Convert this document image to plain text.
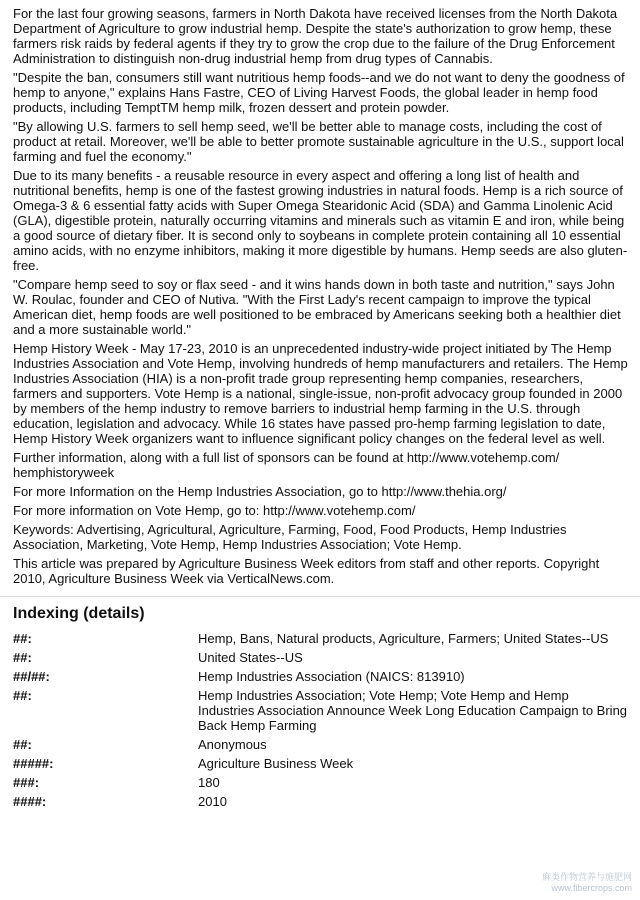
For the last four growing seasons, farmers in North Dakota have received licenses from the North Dakota Department of Agriculture to grow industrial hemp. Despite the state's authorization to grow hemp, these farmers risk raids by federal agents if they try to grow the crop due to the failure of the Drug Enforcement Administration to distinguish non-drug industrial hemp from drug types of Cannabis.

"Despite the ban, consumers still want nutritious hemp foods--and we do not want to deny the goodness of hemp to anyone," explains Hans Fastre, CEO of Living Harvest Foods, the global leader in hemp food products, including TemptTM hemp milk, frozen dessert and protein powder.

"By allowing U.S. farmers to sell hemp seed, we'll be better able to manage costs, including the cost of product at retail. Moreover, we'll be able to better promote sustainable agriculture in the U.S., support local farming and fuel the economy."

Due to its many benefits - a reusable resource in every aspect and offering a long list of health and nutritional benefits, hemp is one of the fastest growing industries in natural foods. Hemp is a rich source of Omega-3 & 6 essential fatty acids with Super Omega Stearidonic Acid (SDA) and Gamma Linolenic Acid (GLA), digestible protein, naturally occurring vitamins and minerals such as vitamin E and iron, while being a good source of dietary fiber. It is second only to soybeans in complete protein containing all 10 essential amino acids, with no enzyme inhibitors, making it more digestible by humans. Hemp seeds are also gluten-free.

"Compare hemp seed to soy or flax seed - and it wins hands down in both taste and nutrition," says John W. Roulac, founder and CEO of Nutiva. "With the First Lady's recent campaign to improve the typical American diet, hemp foods are well positioned to be embraced by Americans seeking both a healthier diet and a more sustainable world."

Hemp History Week - May 17-23, 2010 is an unprecedented industry-wide project initiated by The Hemp Industries Association and Vote Hemp, involving hundreds of hemp manufacturers and retailers. The Hemp Industries Association (HIA) is a non-profit trade group representing hemp companies, researchers, farmers and supporters. Vote Hemp is a national, single-issue, non-profit advocacy group founded in 2000 by members of the hemp industry to remove barriers to industrial hemp farming in the U.S. through education, legislation and advocacy. While 16 states have passed pro-hemp farming legislation to date, Hemp History Week organizers want to influence significant policy changes on the federal level as well.

Further information, along with a full list of sponsors can be found at http://www.votehemp.com/ hemphistoryweek

For more Information on the Hemp Industries Association, go to http://www.thehia.org/

For more information on Vote Hemp, go to: http://www.votehemp.com/

Keywords: Advertising, Agricultural, Agriculture, Farming, Food, Food Products, Hemp Industries Association, Marketing, Vote Hemp, Hemp Industries Association; Vote Hemp.

This article was prepared by Agriculture Business Week editors from staff and other reports. Copyright 2010, Agriculture Business Week via VerticalNews.com.

Indexing (details)
##:	Hemp, Bans, Natural products, Agriculture, Farmers; United States--US
##:	United States--US
##/##:	Hemp Industries Association (NAICS: 813910)
##:	Hemp Industries Association; Vote Hemp; Vote Hemp and Hemp Industries Association Announce Week Long Education Campaign to Bring Back Hemp Farming
##:	Anonymous
#####:	Agriculture Business Week
###:	180
####:	2010
麻类作物营养与施肥网
www.fibercrops.com
